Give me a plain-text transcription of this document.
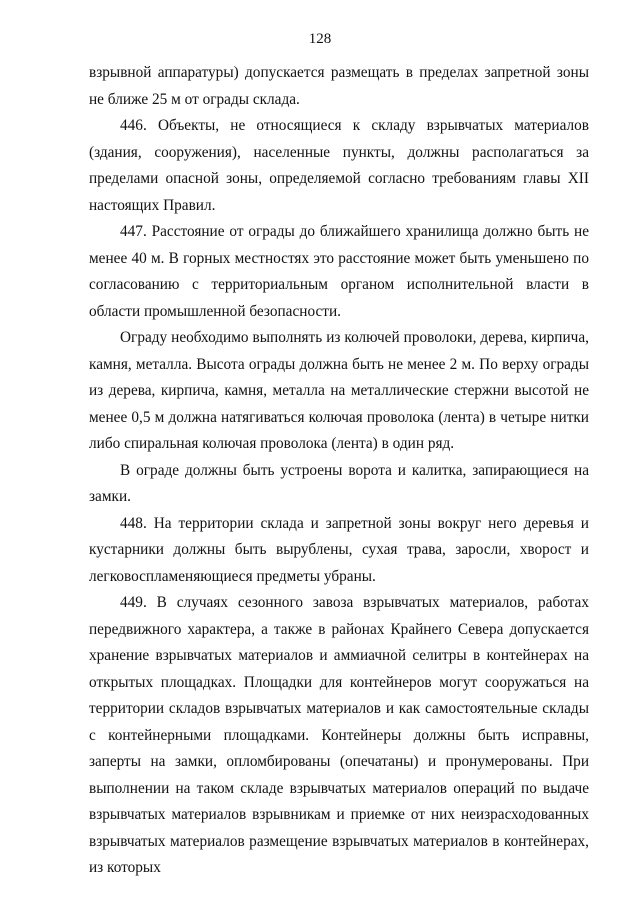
128

взрывной аппаратуры) допускается размещать в пределах запретной зоны не ближе 25 м от ограды склада.

446. Объекты, не относящиеся к складу взрывчатых материалов (здания, сооружения), населенные пункты, должны располагаться за пределами опасной зоны, определяемой согласно требованиям главы XII настоящих Правил.

447. Расстояние от ограды до ближайшего хранилища должно быть не менее 40 м. В горных местностях это расстояние может быть уменьшено по согласованию с территориальным органом исполнительной власти в области промышленной безопасности.

Ограду необходимо выполнять из колючей проволоки, дерева, кирпича, камня, металла. Высота ограды должна быть не менее 2 м. По верху ограды из дерева, кирпича, камня, металла на металлические стержни высотой не менее 0,5 м должна натягиваться колючая проволока (лента) в четыре нитки либо спиральная колючая проволока (лента) в один ряд.

В ограде должны быть устроены ворота и калитка, запирающиеся на замки.

448. На территории склада и запретной зоны вокруг него деревья и кустарники должны быть вырублены, сухая трава, заросли, хворост и легковоспламеняющиеся предметы убраны.

449. В случаях сезонного завоза взрывчатых материалов, работах передвижного характера, а также в районах Крайнего Севера допускается хранение взрывчатых материалов и аммиачной селитры в контейнерах на открытых площадках. Площадки для контейнеров могут сооружаться на территории складов взрывчатых материалов и как самостоятельные склады с контейнерными площадками. Контейнеры должны быть исправны, заперты на замки, опломбированы (опечатаны) и пронумерованы. При выполнении на таком складе взрывчатых материалов операций по выдаче взрывчатых материалов взрывникам и приемке от них неизрасходованных взрывчатых материалов размещение взрывчатых материалов в контейнерах, из которых
